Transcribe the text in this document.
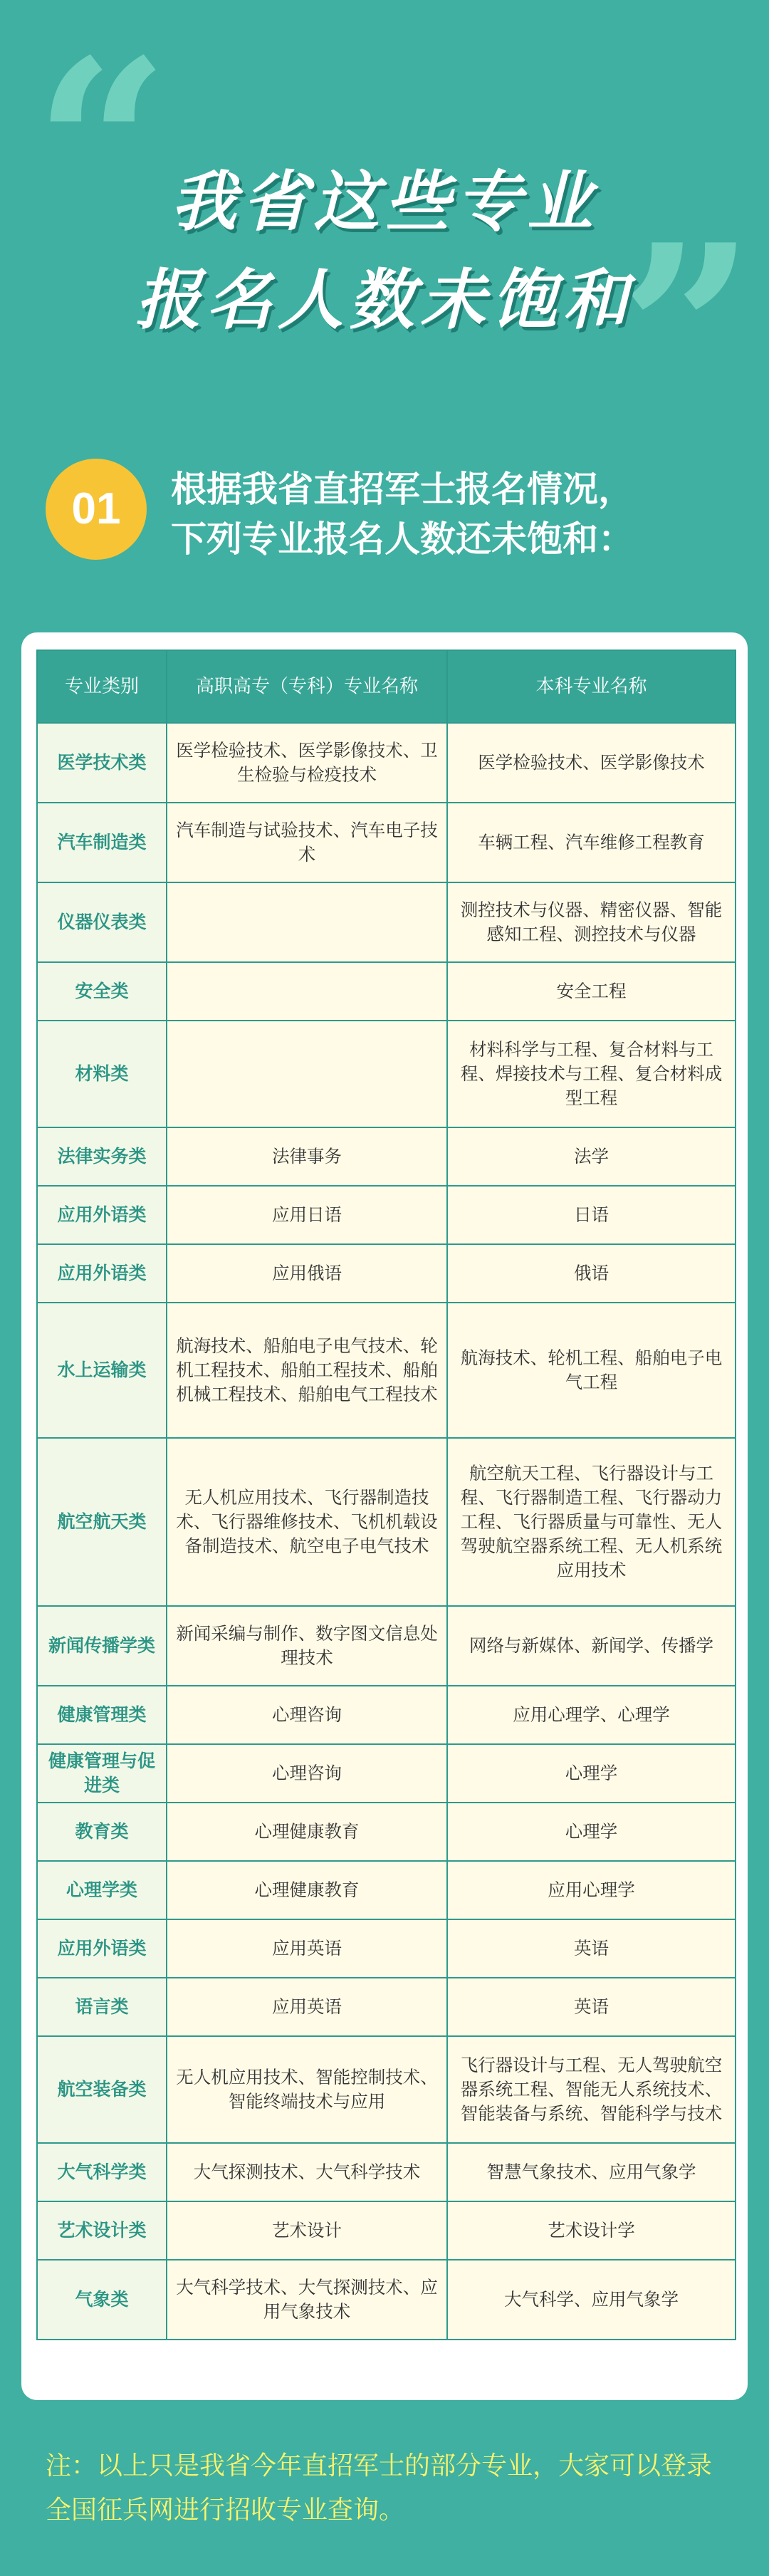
“
”
我省这些专业
报名人数未饱和
01	根据我省直招军士报名情况，
下列专业报名人数还未饱和：
专业类别	高职高专（专科）专业名称	本科专业名称
医学技术类	医学检验技术、医学影像技术、卫生检验与检疫技术	医学检验技术、医学影像技术
汽车制造类	汽车制造与试验技术、汽车电子技术	车辆工程、汽车维修工程教育
仪器仪表类		测控技术与仪器、精密仪器、智能感知工程、测控技术与仪器
安全类		安全工程
材料类		材料科学与工程、复合材料与工程、焊接技术与工程、复合材料成型工程
法律实务类	法律事务	法学
应用外语类	应用日语	日语
应用外语类	应用俄语	俄语
水上运输类	航海技术、船舶电子电气技术、轮机工程技术、船舶工程技术、船舶机械工程技术、船舶电气工程技术	航海技术、轮机工程、船舶电子电气工程
航空航天类	无人机应用技术、飞行器制造技术、飞行器维修技术、飞机机载设备制造技术、航空电子电气技术	航空航天工程、飞行器设计与工程、飞行器制造工程、飞行器动力工程、飞行器质量与可靠性、无人驾驶航空器系统工程、无人机系统应用技术
新闻传播学类	新闻采编与制作、数字图文信息处理技术	网络与新媒体、新闻学、传播学
健康管理类	心理咨询	应用心理学、心理学
健康管理与促进类	心理咨询	心理学
教育类	心理健康教育	心理学
心理学类	心理健康教育	应用心理学
应用外语类	应用英语	英语
语言类	应用英语	英语
航空装备类	无人机应用技术、智能控制技术、智能终端技术与应用	飞行器设计与工程、无人驾驶航空器系统工程、智能无人系统技术、智能装备与系统、智能科学与技术
大气科学类	大气探测技术、大气科学技术	智慧气象技术、应用气象学
艺术设计类	艺术设计	艺术设计学
气象类	大气科学技术、大气探测技术、应用气象技术	大气科学、应用气象学
注：以上只是我省今年直招军士的部分专业，大家可以登录全国征兵网进行招收专业查询。
